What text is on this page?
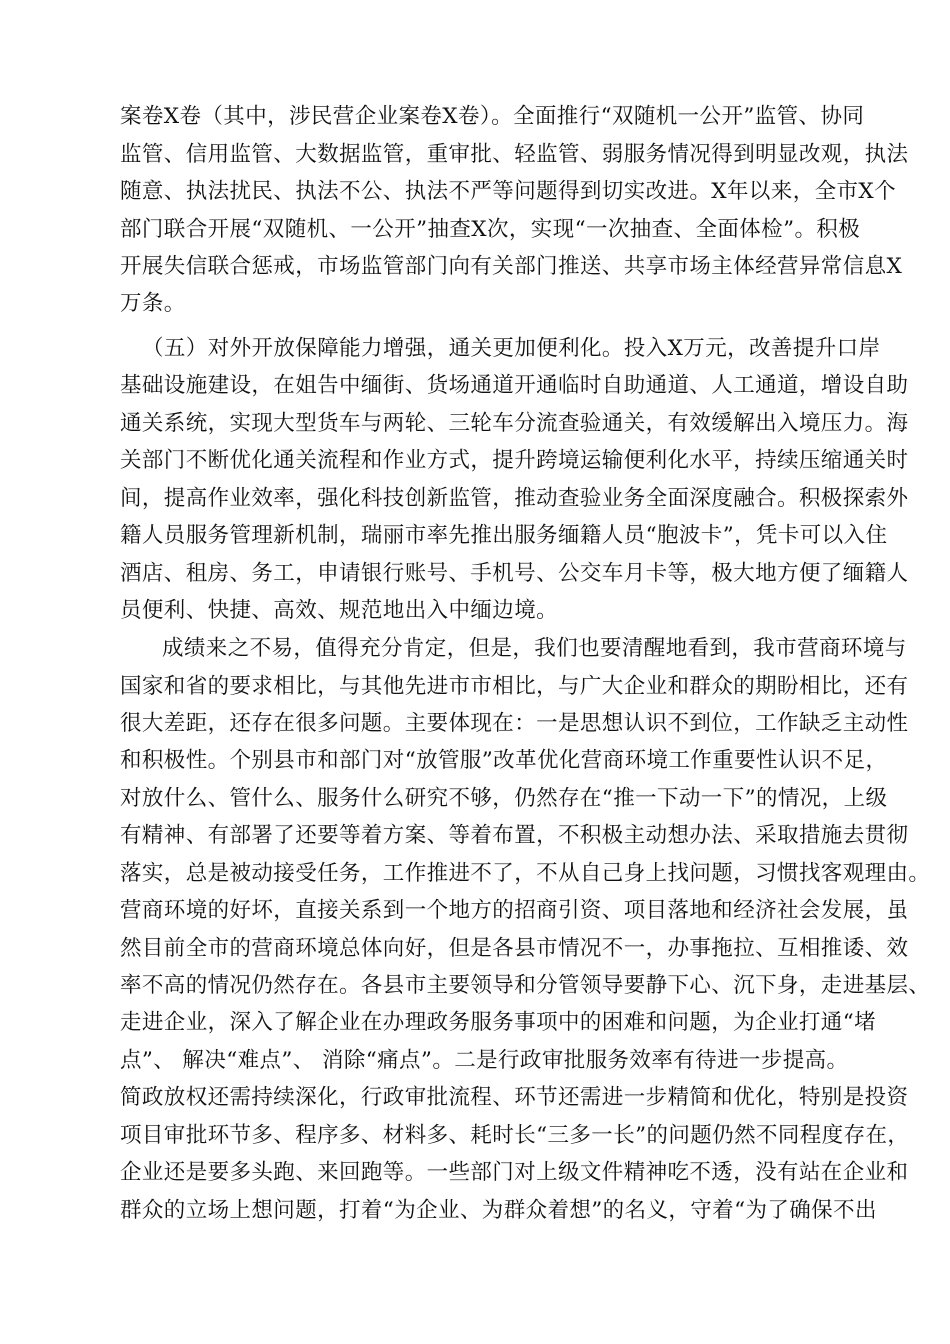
案卷X卷（其中，涉民营企业案卷X卷）。全面推行“双随机一公开”监管、协同
监管、信用监管、大数据监管，重审批、轻监管、弱服务情况得到明显改观，执法
随意、执法扰民、执法不公、执法不严等问题得到切实改进。X年以来，全市X个
部门联合开展“双随机、一公开”抽查X次，实现“一次抽查、全面体检”。积极
开展失信联合惩戒，市场监管部门向有关部门推送、共享市场主体经营异常信息X
万条。
（五）对外开放保障能力增强，通关更加便利化。投入X万元，改善提升口岸
基础设施建设，在姐告中缅街、货场通道开通临时自助通道、人工通道，增设自助
通关系统，实现大型货车与两轮、三轮车分流查验通关，有效缓解出入境压力。海
关部门不断优化通关流程和作业方式，提升跨境运输便利化水平，持续压缩通关时
间，提高作业效率，强化科技创新监管，推动查验业务全面深度融合。积极探索外
籍人员服务管理新机制，瑞丽市率先推出服务缅籍人员“胞波卡”，凭卡可以入住
酒店、租房、务工，申请银行账号、手机号、公交车月卡等，极大地方便了缅籍人
员便利、快捷、高效、规范地出入中缅边境。
成绩来之不易，值得充分肯定，但是，我们也要清醒地看到，我市营商环境与
国家和省的要求相比，与其他先进市市相比，与广大企业和群众的期盼相比，还有
很大差距，还存在很多问题。主要体现在：一是思想认识不到位，工作缺乏主动性
和积极性。个别县市和部门对“放管服”改革优化营商环境工作重要性认识不足，
对放什么、管什么、服务什么研究不够，仍然存在“推一下动一下”的情况，上级
有精神、有部署了还要等着方案、等着布置，不积极主动想办法、采取措施去贯彻
落实，总是被动接受任务，工作推进不了，不从自己身上找问题，习惯找客观理由。
营商环境的好坏，直接关系到一个地方的招商引资、项目落地和经济社会发展，虽
然目前全市的营商环境总体向好，但是各县市情况不一，办事拖拉、互相推诿、效
率不高的情况仍然存在。各县市主要领导和分管领导要静下心、沉下身，走进基层、
走进企业，深入了解企业在办理政务服务事项中的困难和问题，为企业打通“堵
点”、 解决“难点”、 消除“痛点”。二是行政审批服务效率有待进一步提高。
简政放权还需持续深化，行政审批流程、环节还需进一步精简和优化，特别是投资
项目审批环节多、程序多、材料多、耗时长“三多一长”的问题仍然不同程度存在，
企业还是要多头跑、来回跑等。一些部门对上级文件精神吃不透，没有站在企业和
群众的立场上想问题，打着“为企业、为群众着想”的名义，守着“为了确保不出
